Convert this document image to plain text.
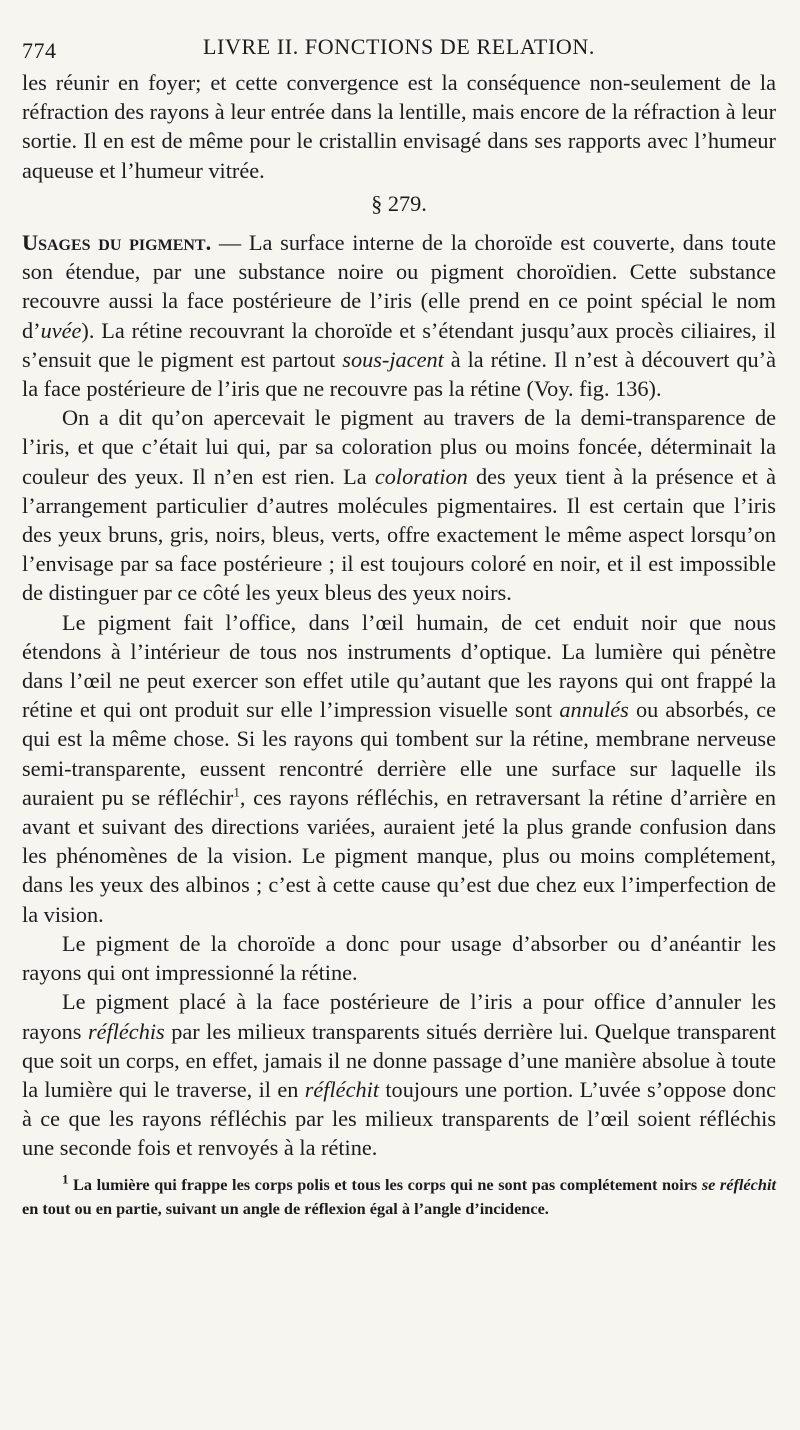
774	LIVRE II. FONCTIONS DE RELATION.

les réunir en foyer; et cette convergence est la conséquence non-seulement de la réfraction des rayons à leur entrée dans la lentille, mais encore de la réfraction à leur sortie. Il en est de même pour le cristallin envisagé dans ses rapports avec l’humeur aqueuse et l’humeur vitrée.

§ 279.

Usages du pigment. — La surface interne de la choroïde est couverte, dans toute son étendue, par une substance noire ou pigment choroïdien. Cette substance recouvre aussi la face postérieure de l’iris (elle prend en ce point spécial le nom d’uvée). La rétine recouvrant la choroïde et s’étendant jusqu’aux procès ciliaires, il s’ensuit que le pigment est partout sous-jacent à la rétine. Il n’est à découvert qu’à la face postérieure de l’iris que ne recouvre pas la rétine (Voy. fig. 136).

On a dit qu’on apercevait le pigment au travers de la demi-transparence de l’iris, et que c’était lui qui, par sa coloration plus ou moins foncée, déterminait la couleur des yeux. Il n’en est rien. La coloration des yeux tient à la présence et à l’arrangement particulier d’autres molécules pigmentaires. Il est certain que l’iris des yeux bruns, gris, noirs, bleus, verts, offre exactement le même aspect lorsqu’on l’envisage par sa face postérieure ; il est toujours coloré en noir, et il est impossible de distinguer par ce côté les yeux bleus des yeux noirs.

Le pigment fait l’office, dans l’œil humain, de cet enduit noir que nous étendons à l’intérieur de tous nos instruments d’optique. La lumière qui pénètre dans l’œil ne peut exercer son effet utile qu’autant que les rayons qui ont frappé la rétine et qui ont produit sur elle l’impression visuelle sont annulés ou absorbés, ce qui est la même chose. Si les rayons qui tombent sur la rétine, membrane nerveuse semi-transparente, eussent rencontré derrière elle une surface sur laquelle ils auraient pu se réfléchir$^1$, ces rayons réfléchis, en retraversant la rétine d’arrière en avant et suivant des directions variées, auraient jeté la plus grande confusion dans les phénomènes de la vision. Le pigment manque, plus ou moins complétement, dans les yeux des albinos ; c’est à cette cause qu’est due chez eux l’imperfection de la vision.

Le pigment de la choroïde a donc pour usage d’absorber ou d’anéantir les rayons qui ont impressionné la rétine.

Le pigment placé à la face postérieure de l’iris a pour office d’annuler les rayons réfléchis par les milieux transparents situés derrière lui. Quelque transparent que soit un corps, en effet, jamais il ne donne passage d’une manière absolue à toute la lumière qui le traverse, il en réfléchit toujours une portion. L’uvée s’oppose donc à ce que les rayons réfléchis par les milieux transparents de l’œil soient réfléchis une seconde fois et renvoyés à la rétine.

$^1$ La lumière qui frappe les corps polis et tous les corps qui ne sont pas complétement noirs se réfléchit en tout ou en partie, suivant un angle de réflexion égal à l’angle d’incidence.
